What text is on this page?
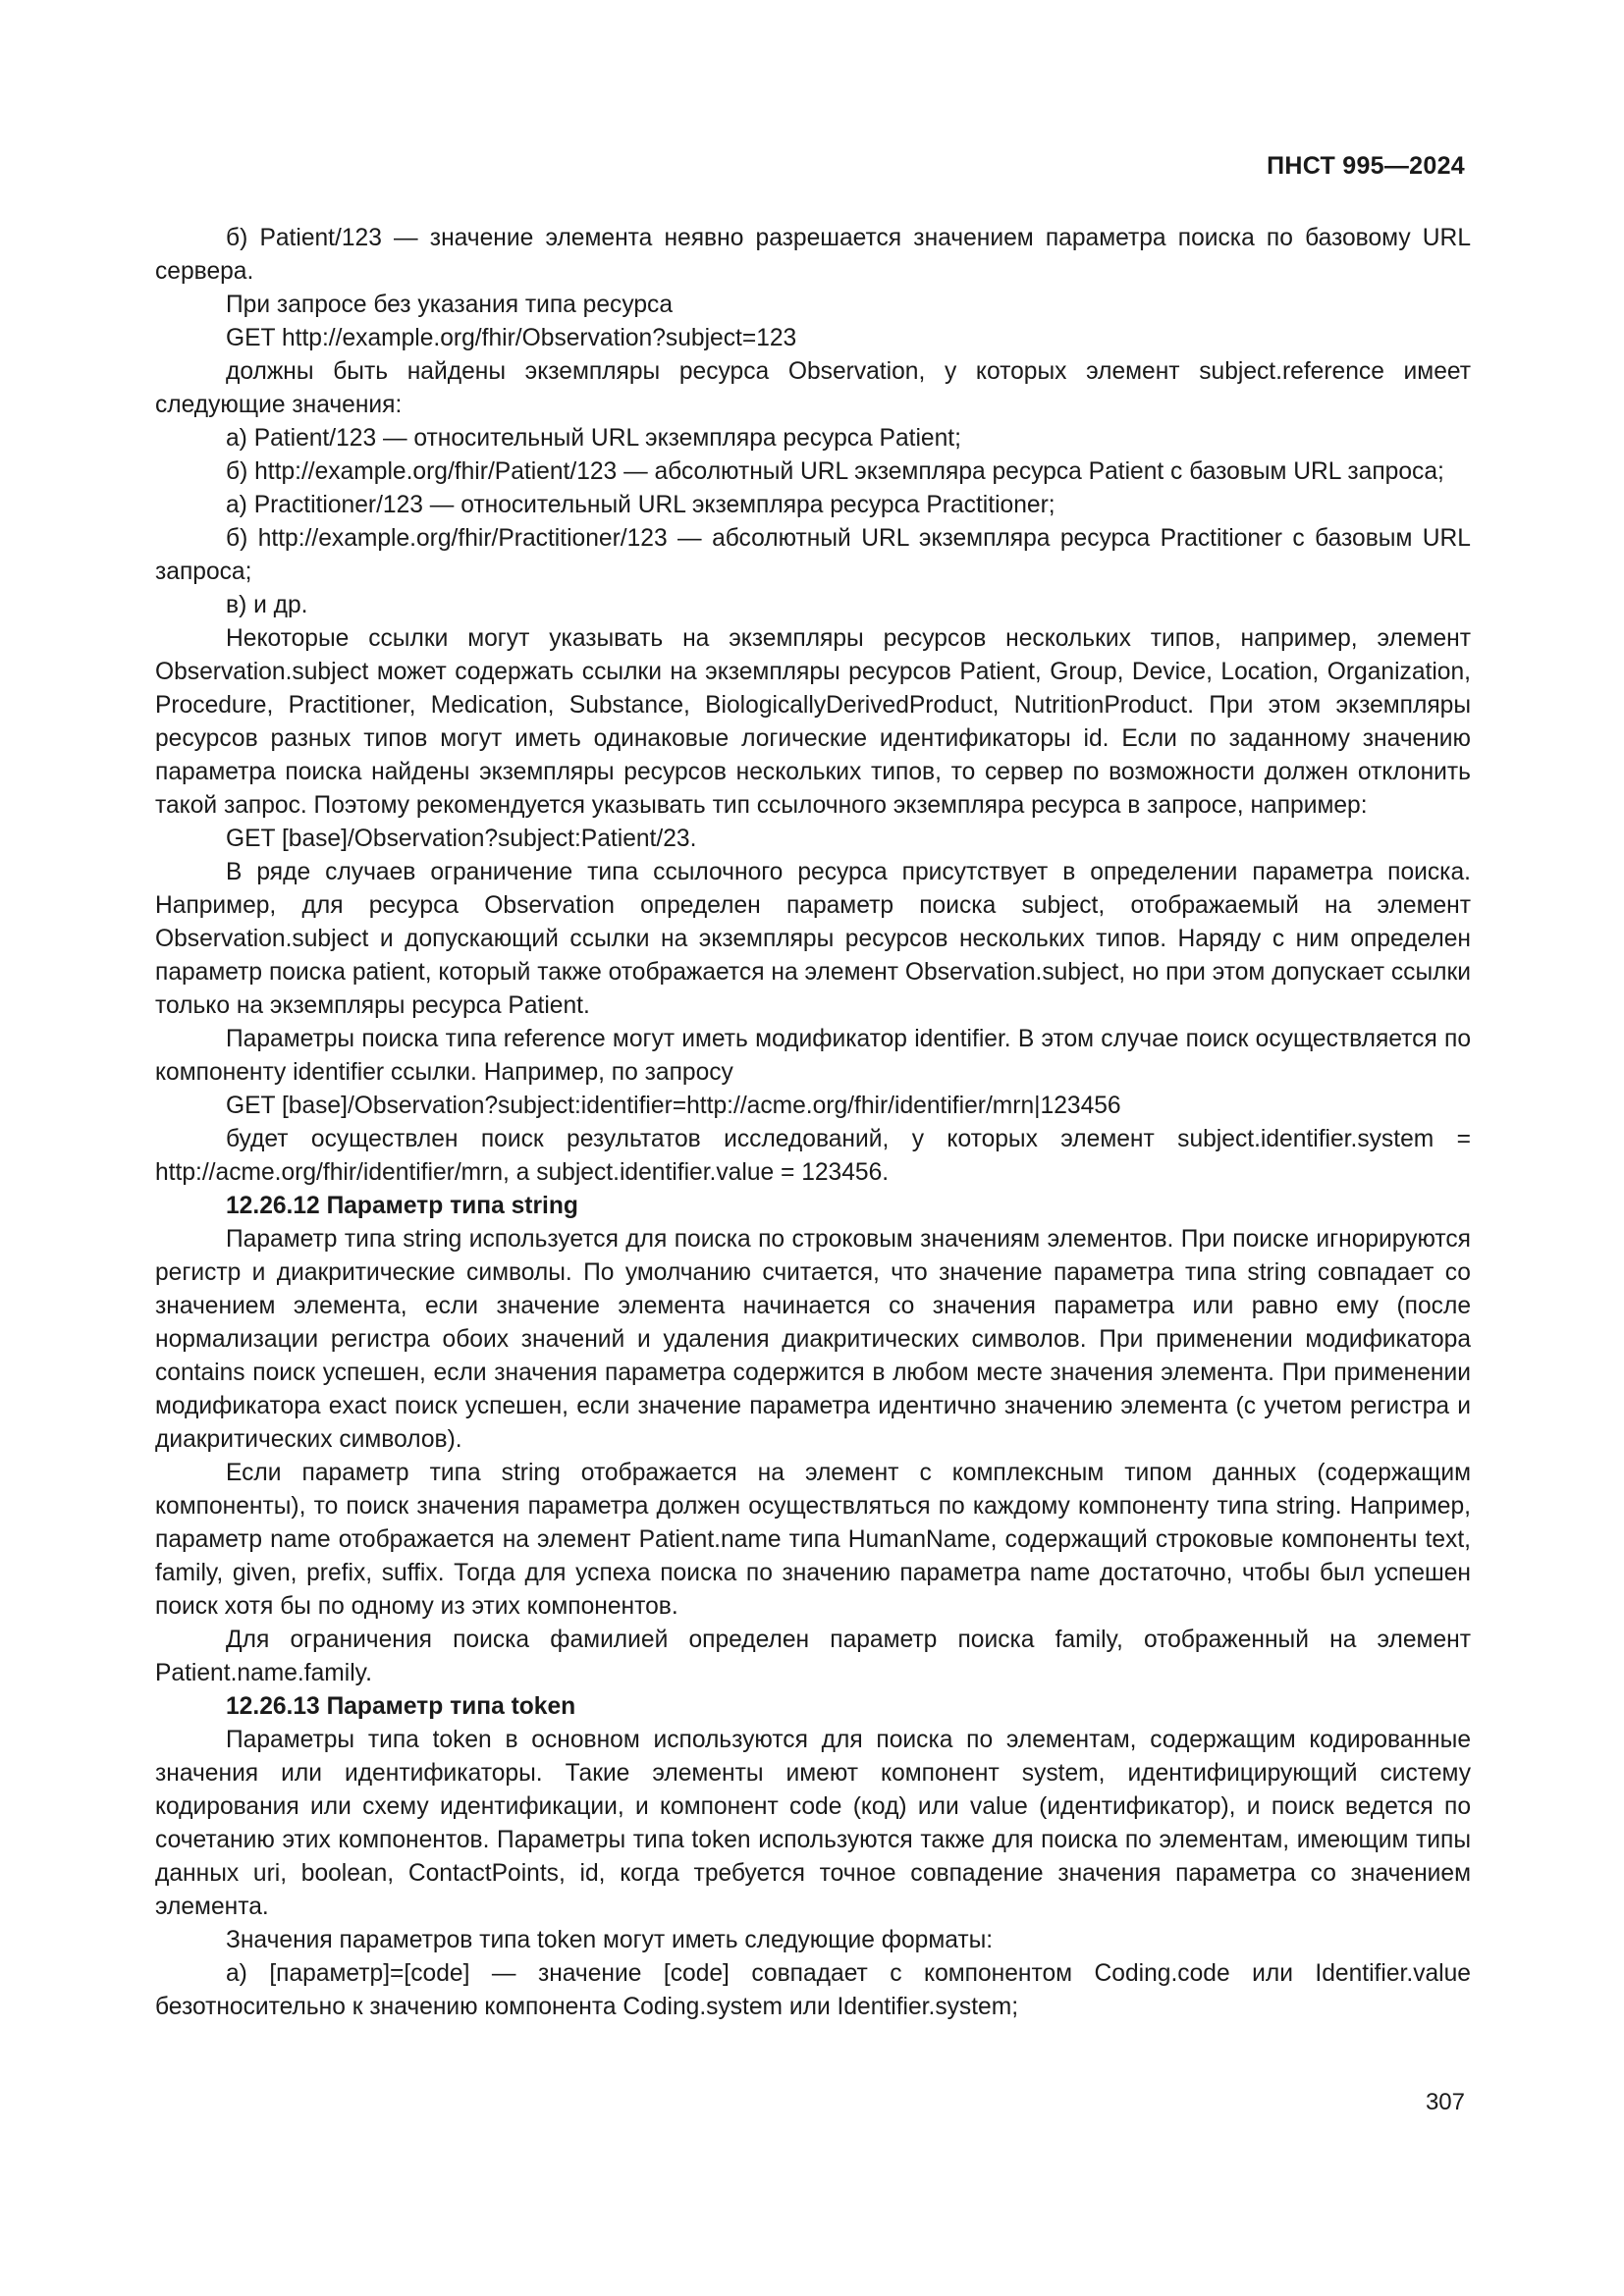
ПНСТ 995—2024

б) Patient/123 — значение элемента неявно разрешается значением параметра поиска по базовому URL сервера.

При запросе без указания типа ресурса

GET http://example.org/fhir/Observation?subject=123

должны быть найдены экземпляры ресурса Observation, у которых элемент subject.reference имеет следующие значения:

а) Patient/123 — относительный URL экземпляра ресурса Patient;

б) http://example.org/fhir/Patient/123 — абсолютный URL экземпляра ресурса Patient с базовым URL запроса;

а) Practitioner/123 — относительный URL экземпляра ресурса Practitioner;

б) http://example.org/fhir/Practitioner/123 — абсолютный URL экземпляра ресурса Practitioner с базовым URL запроса;

в) и др.

Некоторые ссылки могут указывать на экземпляры ресурсов нескольких типов, например, элемент Observation.subject может содержать ссылки на экземпляры ресурсов Patient, Group, Device, Location, Organization, Procedure, Practitioner, Medication, Substance, BiologicallyDerivedProduct, NutritionProduct. При этом экземпляры ресурсов разных типов могут иметь одинаковые логические идентификаторы id. Если по заданному значению параметра поиска найдены экземпляры ресурсов нескольких типов, то сервер по возможности должен отклонить такой запрос. Поэтому рекомендуется указывать тип ссылочного экземпляра ресурса в запросе, например:

GET [base]/Observation?subject:Patient/23.

В ряде случаев ограничение типа ссылочного ресурса присутствует в определении параметра поиска. Например, для ресурса Observation определен параметр поиска subject, отображаемый на элемент Observation.subject и допускающий ссылки на экземпляры ресурсов нескольких типов. Наряду с ним определен параметр поиска patient, который также отображается на элемент Observation.subject, но при этом допускает ссылки только на экземпляры ресурса Patient.

Параметры поиска типа reference могут иметь модификатор identifier. В этом случае поиск осуществляется по компоненту identifier ссылки. Например, по запросу

GET [base]/Observation?subject:identifier=http://acme.org/fhir/identifier/mrn|123456

будет осуществлен поиск результатов исследований, у которых элемент subject.identifier.system = http://acme.org/fhir/identifier/mrn, a subject.identifier.value = 123456.

12.26.12 Параметр типа string

Параметр типа string используется для поиска по строковым значениям элементов. При поиске игнорируются регистр и диакритические символы. По умолчанию считается, что значение параметра типа string совпадает со значением элемента, если значение элемента начинается со значения параметра или равно ему (после нормализации регистра обоих значений и удаления диакритических символов. При применении модификатора contains поиск успешен, если значения параметра содержится в любом месте значения элемента. При применении модификатора exact поиск успешен, если значение параметра идентично значению элемента (с учетом регистра и диакритических символов).

Если параметр типа string отображается на элемент с комплексным типом данных (содержащим компоненты), то поиск значения параметра должен осуществляться по каждому компоненту типа string. Например, параметр name отображается на элемент Patient.name типа HumanName, содержащий строковые компоненты text, family, given, prefix, suffix. Тогда для успеха поиска по значению параметра name достаточно, чтобы был успешен поиск хотя бы по одному из этих компонентов.

Для ограничения поиска фамилией определен параметр поиска family, отображенный на элемент Patient.name.family.

12.26.13 Параметр типа token

Параметры типа token в основном используются для поиска по элементам, содержащим кодированные значения или идентификаторы. Такие элементы имеют компонент system, идентифицирующий систему кодирования или схему идентификации, и компонент code (код) или value (идентификатор), и поиск ведется по сочетанию этих компонентов. Параметры типа token используются также для поиска по элементам, имеющим типы данных uri, boolean, ContactPoints, id, когда требуется точное совпадение значения параметра со значением элемента.

Значения параметров типа token могут иметь следующие форматы:

а) [параметр]=[code] — значение [code] совпадает с компонентом Coding.code или Identifier.value безотносительно к значению компонента Coding.system или Identifier.system;

307
